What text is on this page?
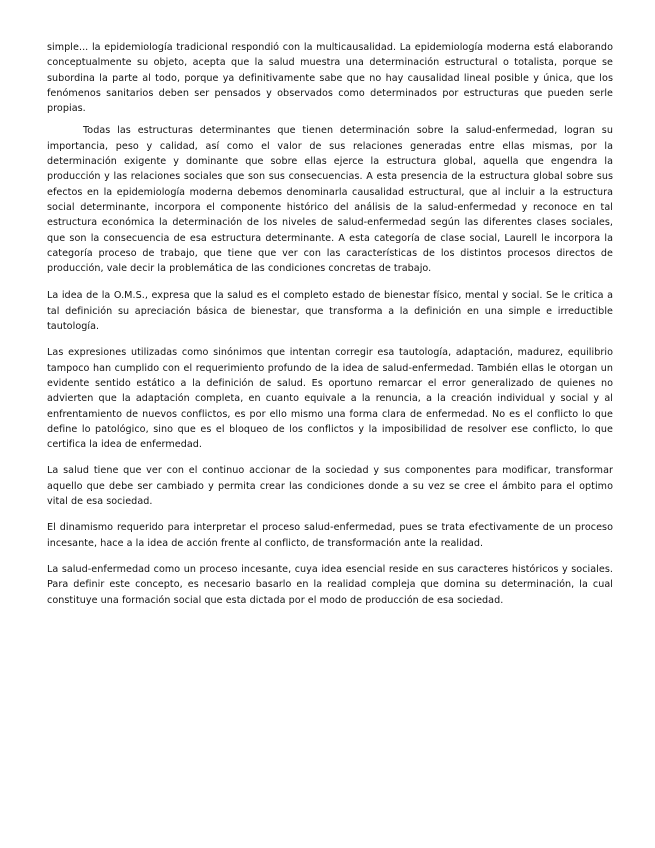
simple... la epidemiología tradicional respondió con la multicausalidad. La epidemiología moderna está elaborando conceptualmente su objeto, acepta que la salud muestra una determinación estructural o totalista, porque se subordina la parte al todo, porque ya definitivamente sabe que no hay causalidad lineal posible y única, que los fenómenos sanitarios deben ser pensados y observados como determinados por estructuras que pueden serle propias.

Todas las estructuras determinantes que tienen determinación sobre la salud-enfermedad, logran su importancia, peso y calidad, así como el valor de sus relaciones generadas entre ellas mismas, por la determinación exigente y dominante que sobre ellas ejerce la estructura global, aquella que engendra la producción y las relaciones sociales que son sus consecuencias. A esta presencia de la estructura global sobre sus efectos en la epidemiología moderna debemos denominarla causalidad estructural, que al incluir a la estructura social determinante, incorpora el componente histórico del análisis de la salud-enfermedad y reconoce en tal estructura económica la determinación de los niveles de salud-enfermedad según las diferentes clases sociales, que son la consecuencia de esa estructura determinante. A esta categoría de clase social, Laurell le incorpora la categoría proceso de trabajo, que tiene que ver con las características de los distintos procesos directos de producción, vale decir la problemática de las condiciones concretas de trabajo.

La idea de la O.M.S., expresa que la salud es el completo estado de bienestar físico, mental y social. Se le critica a tal definición su apreciación básica de bienestar, que transforma a la definición en una simple e irreductible tautología.

Las expresiones utilizadas como sinónimos que intentan corregir esa tautología, adaptación, madurez, equilibrio tampoco han cumplido con el requerimiento profundo de la idea de salud-enfermedad. También ellas le otorgan un evidente sentido estático a la definición de salud. Es oportuno remarcar el error generalizado de quienes no advierten que la adaptación completa, en cuanto equivale a la renuncia, a la creación individual y social y al enfrentamiento de nuevos conflictos, es por ello mismo una forma clara de enfermedad. No es el conflicto lo que define lo patológico, sino que es el bloqueo de los conflictos y la imposibilidad de resolver ese conflicto, lo que certifica la idea de enfermedad.

La salud tiene que ver con el continuo accionar de la sociedad y sus componentes para modificar, transformar aquello que debe ser cambiado y permita crear las condiciones donde a su vez se cree el ámbito para el optimo vital de esa sociedad.

El dinamismo requerido para interpretar el proceso salud-enfermedad, pues se trata efectivamente de un proceso incesante, hace a la idea de acción frente al conflicto, de transformación ante la realidad.

La salud-enfermedad como un proceso incesante, cuya idea esencial reside en sus caracteres históricos y sociales. Para definir este concepto, es necesario basarlo en la realidad compleja que domina su determinación, la cual constituye una formación social que esta dictada por el modo de producción de esa sociedad.
